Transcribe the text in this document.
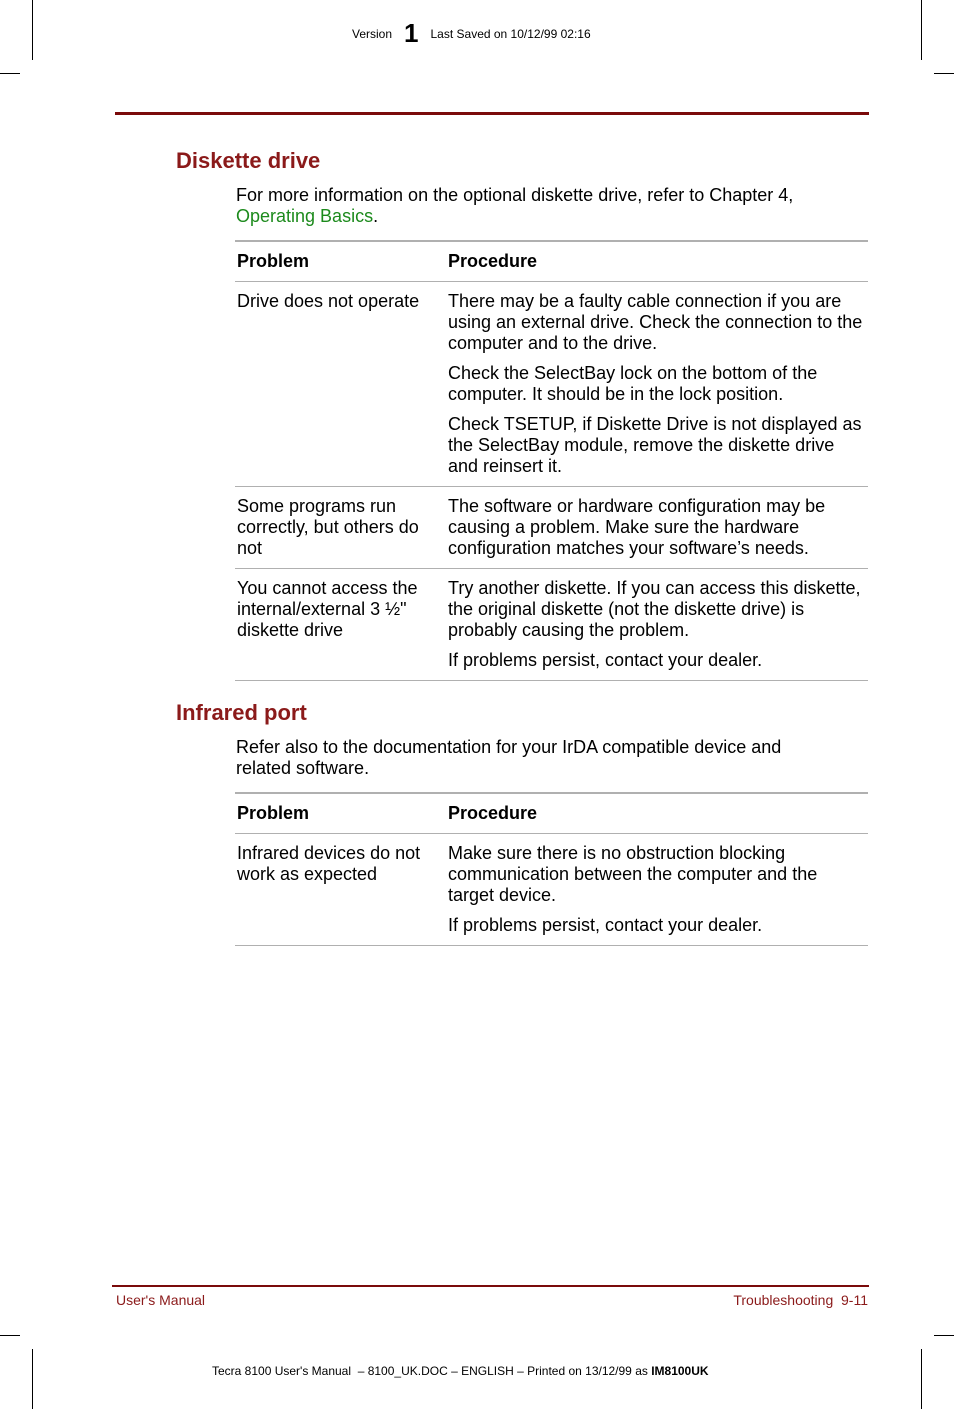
Version 1 Last Saved on 10/12/99 02:16
Diskette drive

For more information on the optional diskette drive, refer to Chapter 4,
Operating Basics.

Problem	Procedure
Drive does not operate	There may be a faulty cable connection if you are using an external drive. Check the connection to the computer and to the drive.

Check the SelectBay lock on the bottom of the computer. It should be in the lock position.

Check TSETUP, if Diskette Drive is not displayed as the SelectBay module, remove the diskette drive and reinsert it.

Some programs run correctly, but others do not	The software or hardware configuration may be causing a problem. Make sure the hardware configuration matches your software’s needs.

You cannot access the internal/external 3 ½" diskette drive	Try another diskette. If you can access this diskette, the original diskette (not the diskette drive) is probably causing the problem.

If problems persist, contact your dealer.

Infrared port

Refer also to the documentation for your IrDA compatible device and related software.

Problem	Procedure
Infrared devices do not work as expected	Make sure there is no obstruction blocking communication between the computer and the target device.

If problems persist, contact your dealer.

User's Manual	Troubleshooting  9-11
Tecra 8100 User's Manual  – 8100_UK.DOC – ENGLISH – Printed on 13/12/99 as IM8100UK
